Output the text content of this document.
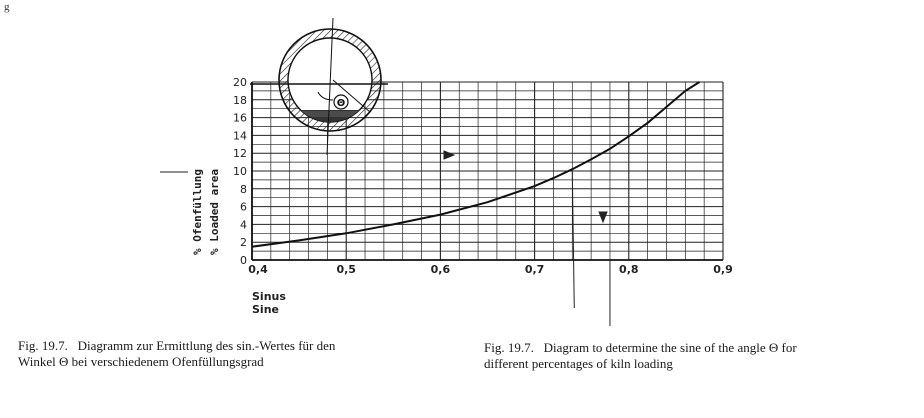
g
0,4	0,5	0,6	0,7	0,8	0,9
0
2
4
6
8
10
12
14
16
18
20
Θ
% Ofenfüllung % Loaded area
Sinus
Sine
Fig. 19.7. Diagramm zur Ermittlung des sin.-Wertes für den
Winkel Θ bei verschiedenem Ofenfüllungsgrad
Fig. 19.7. Diagram to determine the sine of the angle Θ for
different percentages of kiln loading
